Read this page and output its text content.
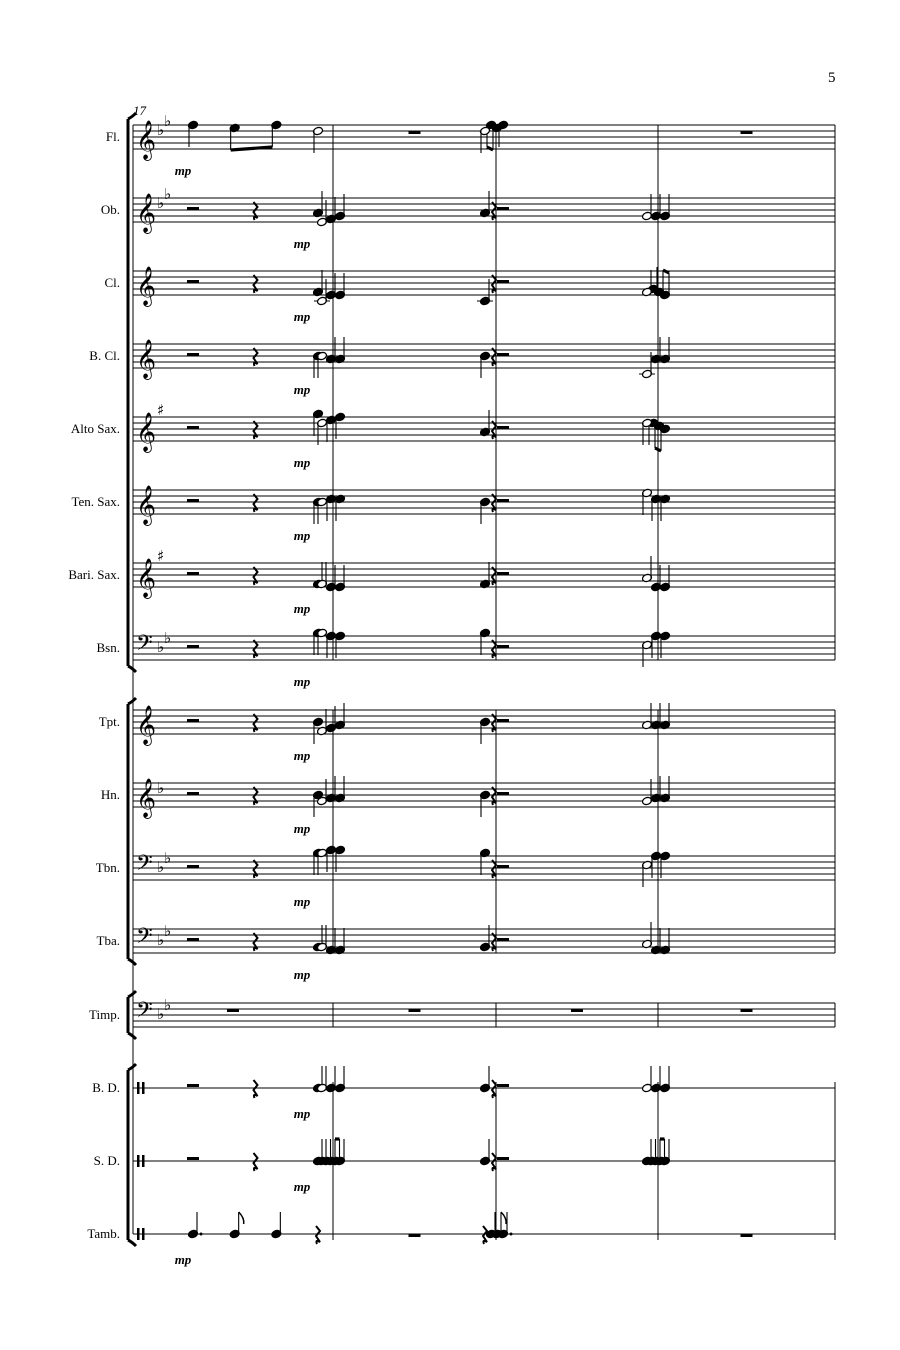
5
17
Fl. 𝄞 ♭ ♭
mp
Ob. 𝄞 ♭ ♭
mp
Cl. 𝄞
mp
B. Cl. 𝄞
mp
Alto Sax. 𝄞
♯
mp
Ten. Sax. 𝄞
mp
Bari. Sax. 𝄞
♯
mp
Bsn. 𝄢 ♭ ♭
mp
Tpt. 𝄞
mp
Hn. 𝄞 ♭
mp
Tbn. 𝄢 ♭ ♭
mp
Tba. 𝄢 ♭ ♭
mp
Timp. 𝄢 ♭ ♭
B. D.
mp
S. D.
mp
Tamb.
mp
